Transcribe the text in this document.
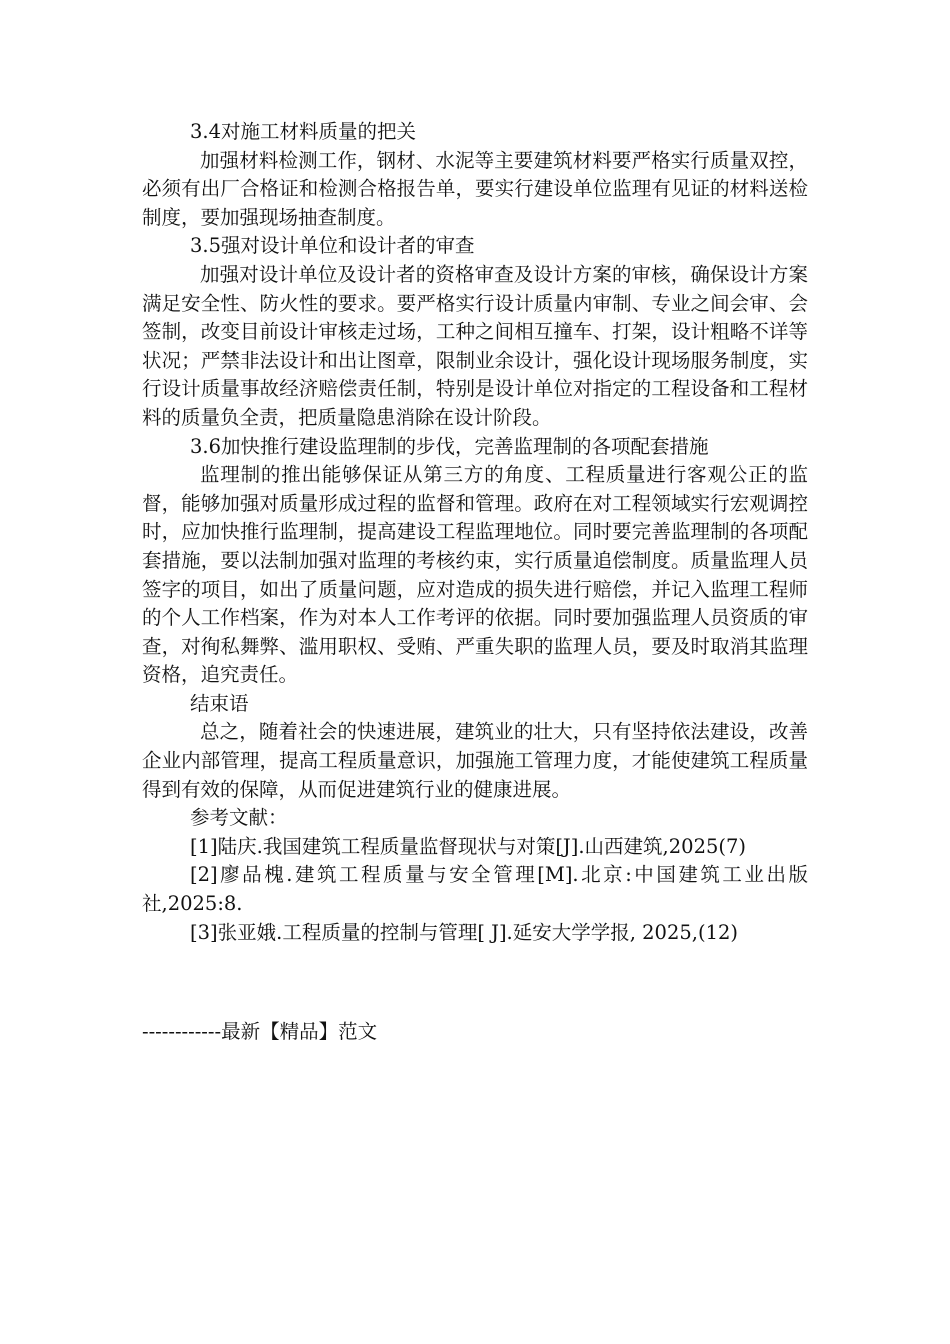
3.4对施工材料质量的把关

加强材料检测工作，钢材、水泥等主要建筑材料要严格实行质量双控，必须有出厂合格证和检测合格报告单，要实行建设单位监理有见证的材料送检制度，要加强现场抽查制度。

3.5强对设计单位和设计者的审查

加强对设计单位及设计者的资格审查及设计方案的审核，确保设计方案满足安全性、防火性的要求。要严格实行设计质量内审制、专业之间会审、会签制，改变目前设计审核走过场，工种之间相互撞车、打架，设计粗略不详等状况；严禁非法设计和出让图章，限制业余设计，强化设计现场服务制度，实行设计质量事故经济赔偿责任制，特别是设计单位对指定的工程设备和工程材料的质量负全责，把质量隐患消除在设计阶段。

3.6加快推行建设监理制的步伐，完善监理制的各项配套措施

监理制的推出能够保证从第三方的角度、工程质量进行客观公正的监督，能够加强对质量形成过程的监督和管理。政府在对工程领域实行宏观调控时，应加快推行监理制，提高建设工程监理地位。同时要完善监理制的各项配套措施，要以法制加强对监理的考核约束，实行质量追偿制度。质量监理人员签字的项目，如出了质量问题，应对造成的损失进行赔偿，并记入监理工程师的个人工作档案，作为对本人工作考评的依据。同时要加强监理人员资质的审查，对徇私舞弊、滥用职权、受贿、严重失职的监理人员，要及时取消其监理资格，追究责任。

结束语

总之，随着社会的快速进展，建筑业的壮大，只有坚持依法建设，改善企业内部管理，提高工程质量意识，加强施工管理力度，才能使建筑工程质量得到有效的保障，从而促进建筑行业的健康进展。

参考文献：

[1]陆庆.我国建筑工程质量监督现状与对策[J].山西建筑,2025(7)

[2]廖品槐.建筑工程质量与安全管理[M].北京:中国建筑工业出版社,2025:8.

[3]张亚娥.工程质量的控制与管理[ J].延安大学学报, 2025,(12)

------------最新【精品】范文
